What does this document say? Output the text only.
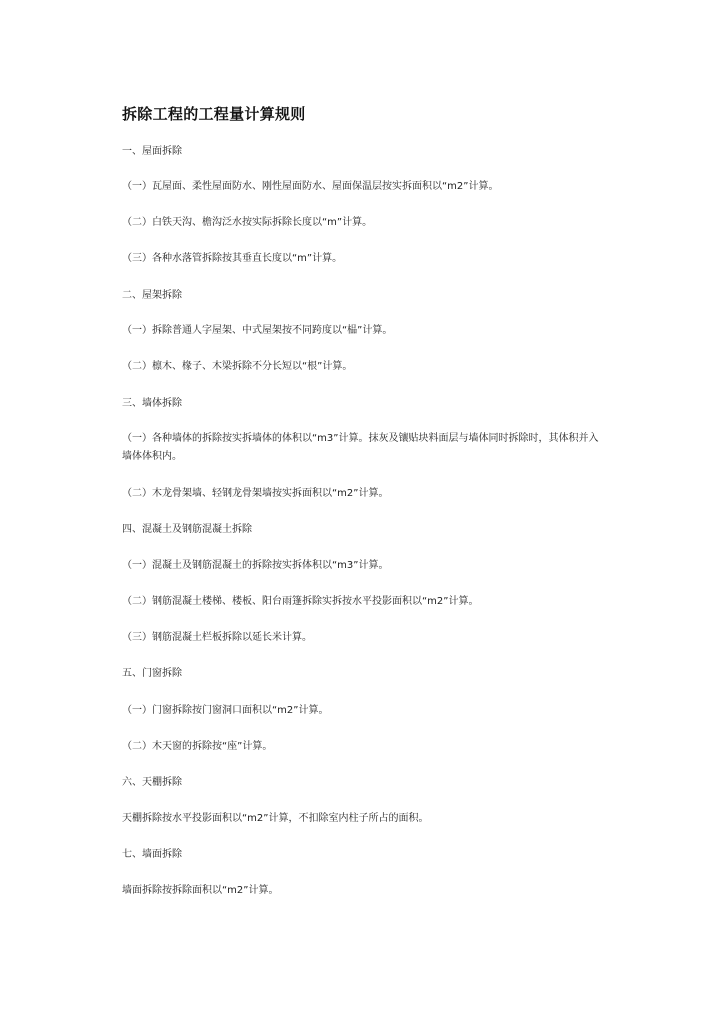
拆除工程的工程量计算规则
一、屋面拆除
（一）瓦屋面、柔性屋面防水、刚性屋面防水、屋面保温层按实拆面积以“m2”计算。
（二）白铁天沟、檐沟泛水按实际拆除长度以“m”计算。
（三）各种水落管拆除按其垂直长度以“m”计算。
二、屋架拆除
（一）拆除普通人字屋架、中式屋架按不同跨度以“榀”计算。
（二）檩木、椽子、木梁拆除不分长短以“根”计算。
三、墙体拆除
（一）各种墙体的拆除按实拆墙体的体积以“m3”计算。抹灰及镶贴块料面层与墙体同时拆除时，其体积并入墙体体积内。
（二）木龙骨架墙、轻钢龙骨架墙按实拆面积以“m2”计算。
四、混凝土及钢筋混凝土拆除
（一）混凝土及钢筋混凝土的拆除按实拆体积以“m3”计算。
（二）钢筋混凝土楼梯、楼板、阳台雨篷拆除实拆按水平投影面积以“m2”计算。
（三）钢筋混凝土栏板拆除以延长米计算。
五、门窗拆除
（一）门窗拆除按门窗洞口面积以“m2”计算。
（二）木天窗的拆除按“座”计算。
六、天棚拆除
天棚拆除按水平投影面积以“m2”计算，不扣除室内柱子所占的面积。
七、墙面拆除
墙面拆除按拆除面积以“m2”计算。
